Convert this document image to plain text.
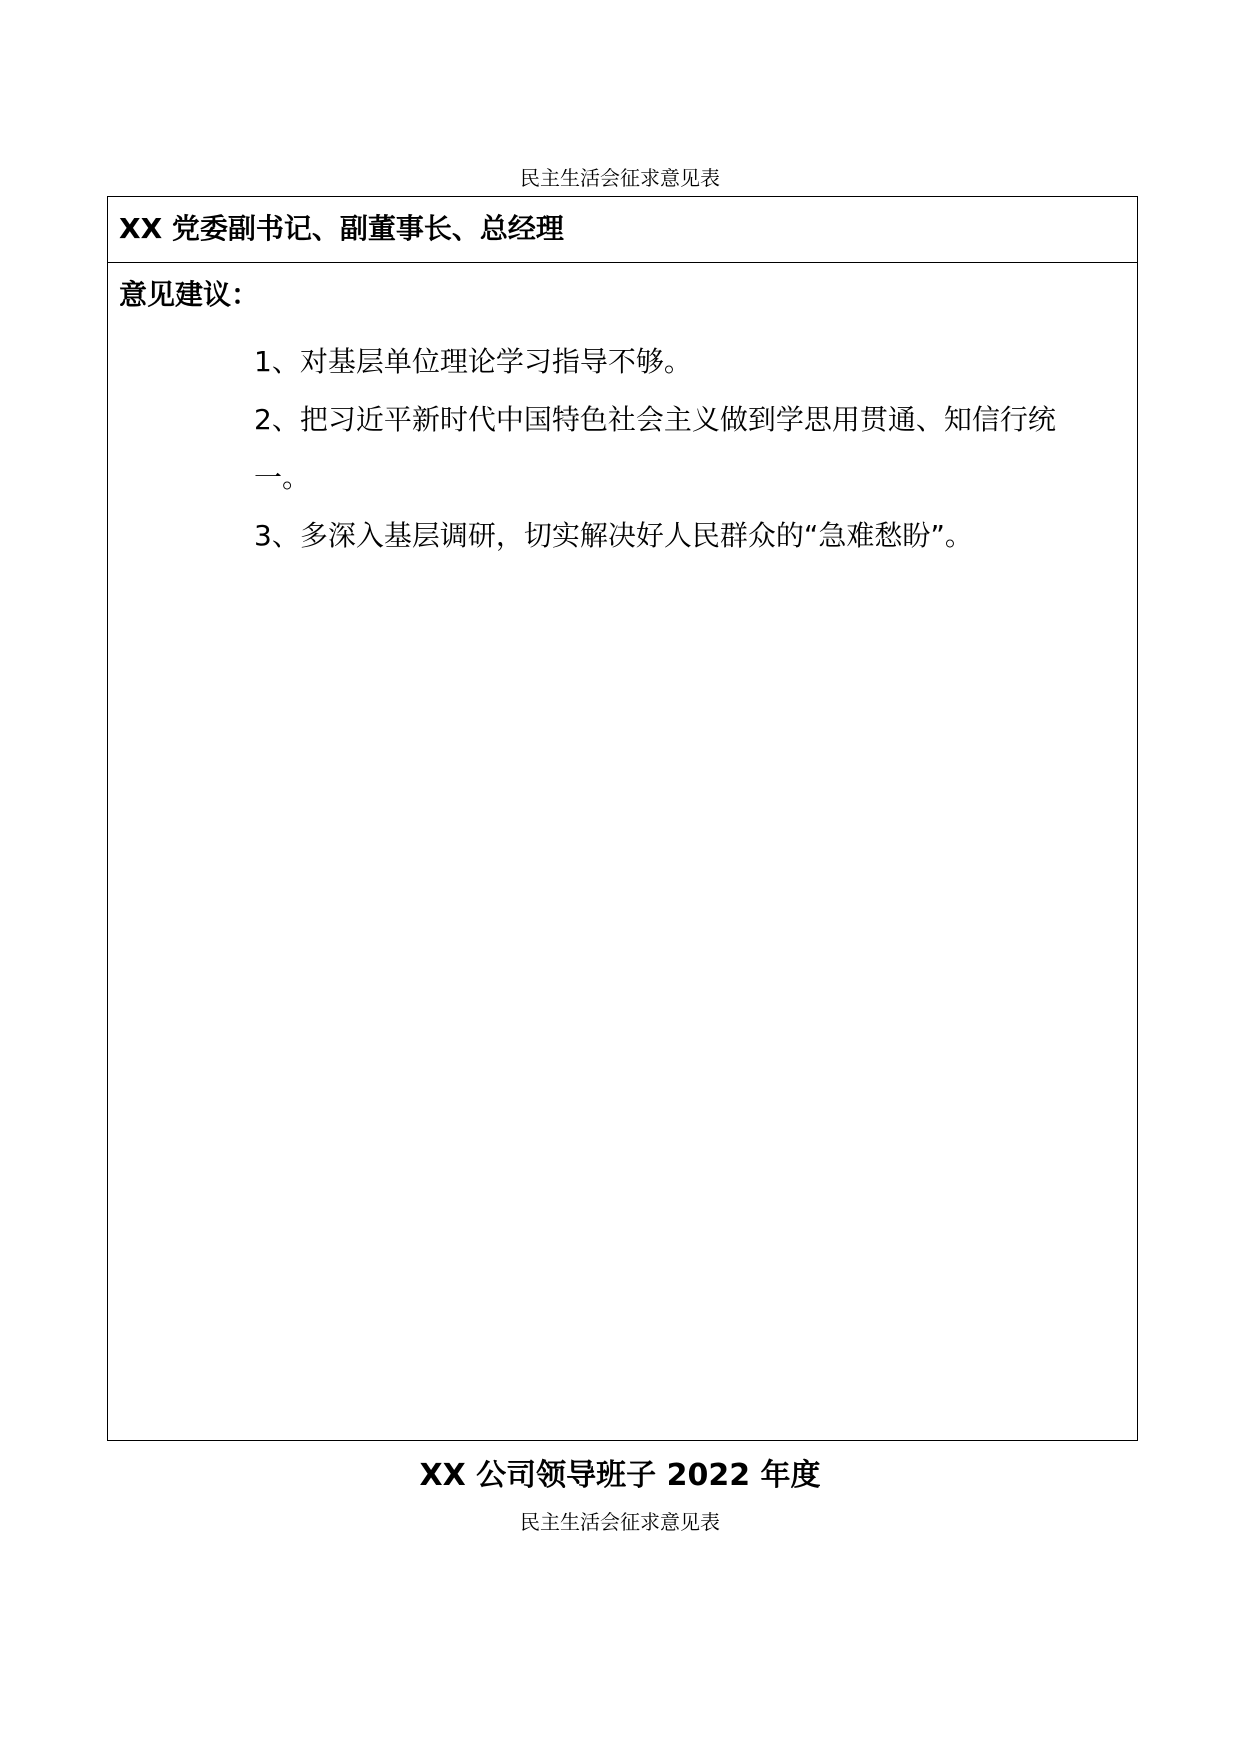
民主生活会征求意见表
XX 党委副书记、副董事长、总经理
意见建议：
1、对基层单位理论学习指导不够。
2、把习近平新时代中国特色社会主义做到学思用贯通、知信行统
一。
3、多深入基层调研，切实解决好人民群众的“急难愁盼”。
XX 公司领导班子 2022 年度
民主生活会征求意见表
